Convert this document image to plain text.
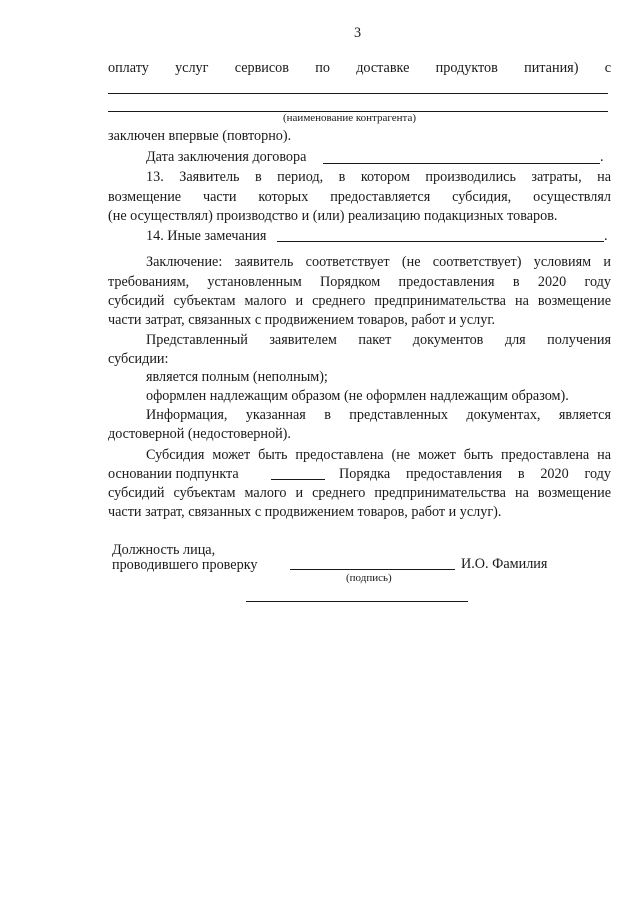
3
оплату услуг сервисов по доставке продуктов питания) с
(наименование контрагента)
заключен впервые (повторно).
Дата заключения договора	.
13. Заявитель в период, в котором производились затраты, на
возмещение части которых предоставляется субсидия, осуществлял
(не осуществлял) производство и (или) реализацию подакцизных товаров.
14. Иные замечания	.
Заключение: заявитель соответствует (не соответствует) условиям и
требованиям, установленным Порядком предоставления в 2020 году
субсидий субъектам малого и среднего предпринимательства на возмещение
части затрат, связанных с продвижением товаров, работ и услуг.
Представленный заявителем пакет документов для получения
субсидии:
является полным (неполным);
оформлен надлежащим образом (не оформлен надлежащим образом).
Информация, указанная в представленных документах, является
достоверной (недостоверной).
Субсидия может быть предоставлена (не может быть предоставлена на
основании подпункта	Порядка предоставления в 2020 году
субсидий субъектам малого и среднего предпринимательства на возмещение
части затрат, связанных с продвижением товаров, работ и услуг).
Должность лица,
проводившего проверку	И.О. Фамилия
(подпись)
